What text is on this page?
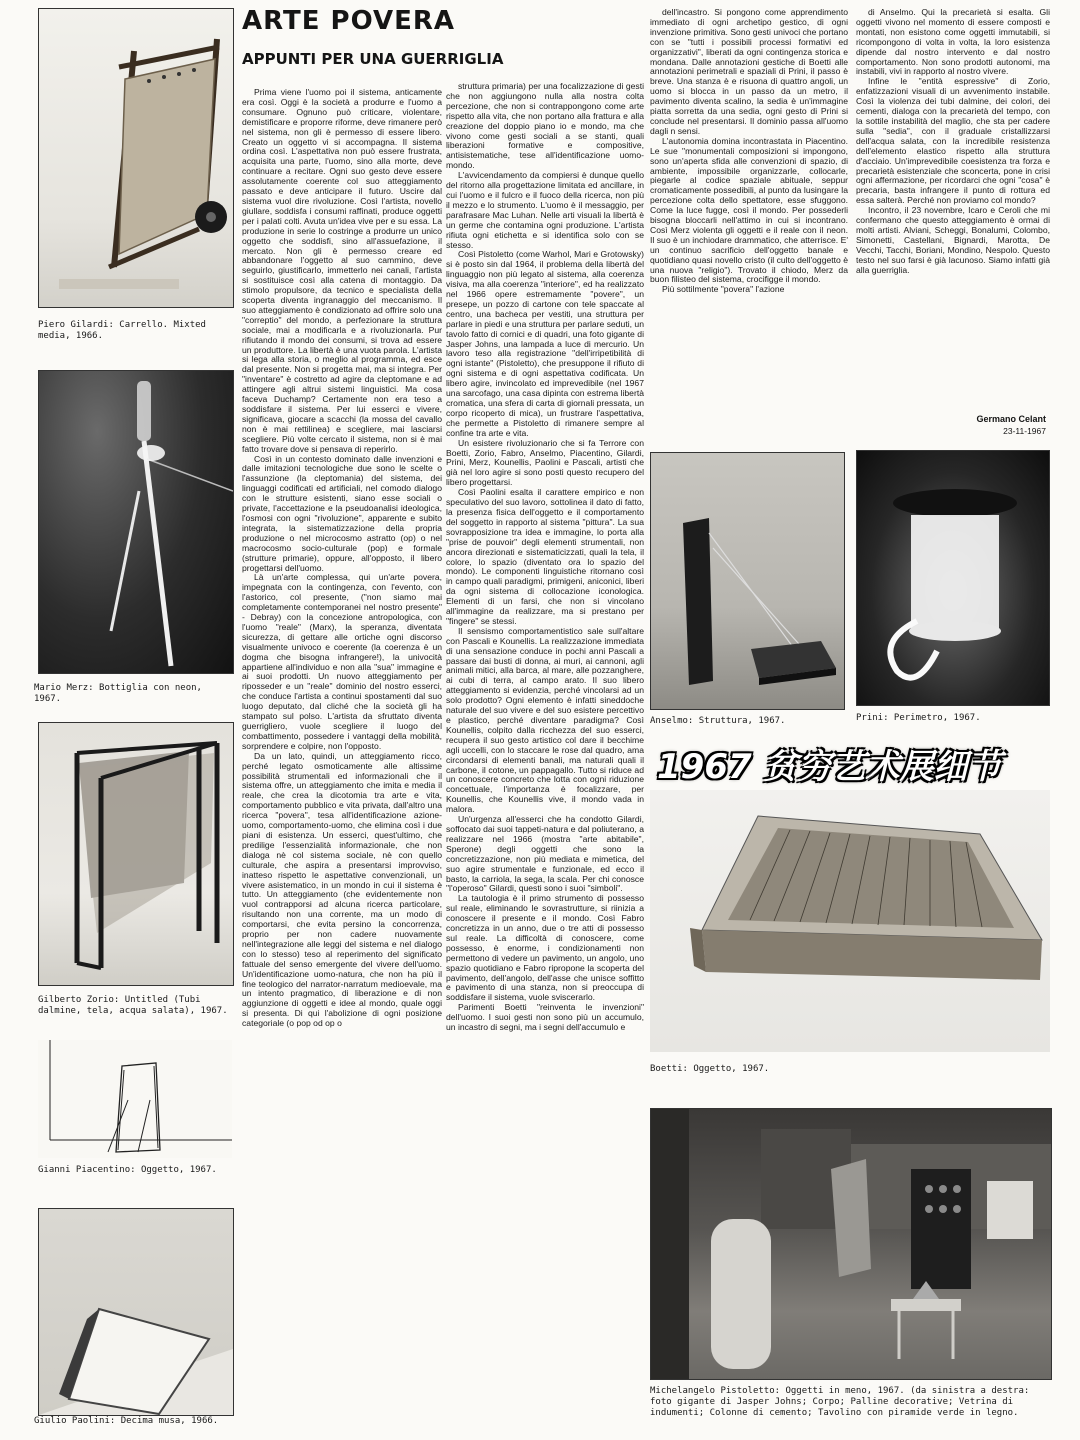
Piero Gilardi: Carrello. Mixted media, 1966.
Mario Merz: Bottiglia con neon, 1967.
Gilberto Zorio: Untitled (Tubi dalmine, tela, acqua salata), 1967.
Gianni Piacentino: Oggetto, 1967.
Giulio Paolini: Decima musa, 1966.
ARTE POVERA
APPUNTI PER UNA GUERRIGLIA

Prima viene l'uomo poi il sistema, anticamente era così. Oggi è la società a produrre e l'uomo a consumare. Ognuno può criticare, violentare, demistificare e proporre riforme, deve rimanere però nel sistema, non gli è permesso di essere libero. Creato un oggetto vi si accompagna. Il sistema ordina così. L'aspettativa non può essere frustrata, acquisita una parte, l'uomo, sino alla morte, deve continuare a recitare. Ogni suo gesto deve essere assolutamente coerente col suo atteggiamento passato e deve anticipare il futuro. Uscire dal sistema vuol dire rivoluzione. Così l'artista, novello giullare, soddisfa i consumi raffinati, produce oggetti per i palati colti. Avuta un'idea vive per e su essa. La produzione in serie lo costringe a produrre un unico oggetto che soddisfi, sino all'assuefazione, il mercato. Non gli è permesso creare ed abbandonare l'oggetto al suo cammino, deve seguirlo, giustificarlo, immetterlo nei canali, l'artista si sostituisce così alla catena di montaggio. Da stimolo propulsore, da tecnico e specialista della scoperta diventa ingranaggio del meccanismo. Il suo atteggiamento è condizionato ad offrire solo una "correptio" del mondo, a perfezionare la struttura sociale, mai a modificarla e a rivoluzionarla. Pur rifiutando il mondo dei consumi, si trova ad essere un produttore. La libertà è una vuota parola. L'artista si lega alla storia, o meglio al programma, ed esce dal presente. Non si progetta mai, ma si integra. Per "inventare" è costretto ad agire da cleptomane e ad attingere agli altrui sistemi linguistici. Ma cosa faceva Duchamp? Certamente non era teso a soddisfare il sistema. Per lui esserci e vivere, significava, giocare a scacchi (la mossa del cavallo non è mai rettilinea) e scegliere, mai lasciarsi scegliere. Più volte cercato il sistema, non si è mai fatto trovare dove si pensava di reperirlo.

Così in un contesto dominato dalle invenzioni e dalle imitazioni tecnologiche due sono le scelte o l'assunzione (la cleptomania) del sistema, dei linguaggi codificati ed artificiali, nel comodo dialogo con le strutture esistenti, siano esse sociali o private, l'accettazione e la pseudoanalisi ideologica, l'osmosi con ogni "rivoluzione", apparente e subito integrata, la sistematizzazione della propria produzione o nel microcosmo astratto (op) o nel macrocosmo socio-culturale (pop) e formale (strutture primarie), oppure, all'opposto, il libero progettarsi dell'uomo.

Là un'arte complessa, qui un'arte povera, impegnata con la contingenza, con l'evento, con l'astorico, col presente, ("non siamo mai completamente contemporanei nel nostro presente" - Debray) con la concezione antropologica, con l'uomo "reale" (Marx), la speranza, diventata sicurezza, di gettare alle ortiche ogni discorso visualmente univoco e coerente (la coerenza è un dogma che bisogna infrangere!), la univocità appartiene all'individuo e non alla "sua" immagine e ai suoi prodotti. Un nuovo atteggiamento per riposseder e un "reale" dominio del nostro esserci, che conduce l'artista a continui spostamenti dal suo luogo deputato, dal cliché che la società gli ha stampato sul polso. L'artista da sfruttato diventa guerrigliero, vuole scegliere il luogo del combattimento, possedere i vantaggi della mobilità, sorprendere e colpire, non l'opposto.

Da un lato, quindi, un atteggiamento ricco, perché legato osmoticamente alle altissime possibilità strumentali ed informazionali che il sistema offre, un atteggiamento che imita e media il reale, che crea la dicotomia tra arte e vita, comportamento pubblico e vita privata, dall'altro una ricerca "povera", tesa all'identificazione azione-uomo, comportamento-uomo, che elimina così i due piani di esistenza. Un esserci, quest'ultimo, che predilige l'essenzialità informazionale, che non dialoga nè col sistema sociale, nè con quello culturale, che aspira a presentarsi improvviso, inatteso rispetto le aspettative convenzionali, un vivere asistematico, in un mondo in cui il sistema è tutto. Un atteggiamento (che evidentemente non vuol contrapporsi ad alcuna ricerca particolare, risultando non una corrente, ma un modo di comportarsi, che evita persino la concorrenza, proprio per non cadere nuovamente nell'integrazione alle leggi del sistema e nel dialogo con lo stesso) teso al reperimento del significato fattuale del senso emergente del vivere dell'uomo. Un'identificazione uomo-natura, che non ha più il fine teologico del narrator-narratum medioevale, ma un intento pragmatico, di liberazione e di non aggiunzione di oggetti e idee al mondo, quale oggi si presenta. Di qui l'abolizione di ogni posizione categoriale (o pop od op o

struttura primaria) per una focalizzazione di gesti che non aggiungono nulla alla nostra colta percezione, che non si contrappongono come arte rispetto alla vita, che non portano alla frattura e alla creazione del doppio piano io e mondo, ma che vivono come gesti sociali a se stanti, quali liberazioni formative e compositive, antisistematiche, tese all'identificazione uomo-mondo.

L'avvicendamento da compiersi è dunque quello del ritorno alla progettazione limitata ed ancillare, in cui l'uomo e il fulcro e il fuoco della ricerca, non più il mezzo e lo strumento. L'uomo è il messaggio, per parafrasare Mac Luhan. Nelle arti visuali la libertà è un germe che contamina ogni produzione. L'artista rifiuta ogni etichetta e si identifica solo con se stesso.

Così Pistoletto (come Warhol, Mari e Grotowsky) si è posto sin dal 1964, il problema della libertà del linguaggio non più legato al sistema, alla coerenza visiva, ma alla coerenza "interiore", ed ha realizzato nel 1966 opere estremamente "povere", un presepe, un pozzo di cartone con tele spaccate al centro, una bacheca per vestiti, una struttura per parlare in piedi e una struttura per parlare seduti, un tavolo fatto di cornici e di quadri, una foto gigante di Jasper Johns, una lampada a luce di mercurio. Un lavoro teso alla registrazione "dell'irripetibilità di ogni istante" (Pistoletto), che presuppone il rifiuto di ogni sistema e di ogni aspettativa codificata. Un libero agire, invincolato ed imprevedibile (nel 1967 una sarcofago, una casa dipinta con estrema libertà cromatica, una sfera di carta di giornali pressata, un corpo ricoperto di mica), un frustrare l'aspettativa, che permette a Pistoletto di rimanere sempre al confine tra arte e vita.

Un esistere rivoluzionario che si fa Terrore con Boetti, Zorio, Fabro, Anselmo, Piacentino, Gilardi, Prini, Merz, Kounellis, Paolini e Pascali, artisti che già nel loro agire si sono posti questo recupero del libero progettarsi.

Così Paolini esalta il carattere empirico e non speculativo del suo lavoro, sottolinea il dato di fatto, la presenza fisica dell'oggetto e il comportamento del soggetto in rapporto al sistema "pittura". La sua sovrapposizione tra idea e immagine, lo porta alla "prise de pouvoir" degli elementi strumentali, non ancora direzionati e sistematicizzati, quali la tela, il colore, lo spazio (diventato ora lo spazio del mondo). Le componenti linguistiche ritornano così in campo quali paradigmi, primigeni, aniconici, liberi da ogni sistema di collocazione iconologica. Elementi di un farsi, che non si vincolano all'immagine da realizzare, ma si prestano per "fingere" se stessi.

Il sensismo comportamentistico sale sull'altare con Pascali e Kounellis. La realizzazione immediata di una sensazione conduce in pochi anni Pascali a passare dai busti di donna, ai muri, ai cannoni, agli animali mitici, alla barca, al mare, alle pozzanghere, ai cubi di terra, al campo arato. Il suo libero atteggiamento si evidenzia, perché vincolarsi ad un solo prodotto? Ogni elemento è infatti sineddoche naturale del suo vivere e del suo esistere percettivo e plastico, perché diventare paradigma? Così Kounellis, colpito dalla ricchezza del suo esserci, recupera il suo gesto artistico col dare il becchime agli uccelli, con lo staccare le rose dal quadro, ama circondarsi di elementi banali, ma naturali quali il carbone, il cotone, un pappagallo. Tutto si riduce ad un conoscere concreto che lotta con ogni riduzione concettuale, l'importanza è focalizzare, per Kounellis, che Kounellis vive, il mondo vada in malora.

Un'urgenza all'esserci che ha condotto Gilardi, soffocato dai suoi tappeti-natura e dal poliuterano, a realizzare nel 1966 (mostra "arte abitabile", Sperone) degli oggetti che sono la concretizzazione, non più mediata e mimetica, del suo agire strumentale e funzionale, ed ecco il basto, la carriola, la sega, la scala. Per chi conosce "l'operoso" Gilardi, questi sono i suoi "simboli".

La tautologia è il primo strumento di possesso sul reale, eliminando le sovrastrutture, si riinizia a conoscere il presente e il mondo. Così Fabro concretizza in un anno, due o tre atti di possesso sul reale. La difficoltà di conoscere, come possesso, è enorme, i condizionamenti non permettono di vedere un pavimento, un angolo, uno spazio quotidiano e Fabro ripropone la scoperta del pavimento, dell'angolo, dell'asse che unisce soffitto e pavimento di una stanza, non si preoccupa di soddisfare il sistema, vuole sviscerarlo.

Parimenti Boetti "reinventa le invenzioni" dell'uomo. I suoi gesti non sono più un accumulo, un incastro di segni, ma i segni dell'accumulo e

dell'incastro. Si pongono come apprendimento immediato di ogni archetipo gestico, di ogni invenzione primitiva. Sono gesti univoci che portano con se "tutti i possibili processi formativi ed organizzativi", liberati da ogni contingenza storica e mondana. Dalle annotazioni gestiche di Boetti alle annotazioni perimetrali e spaziali di Prini, il passo è breve. Una stanza è e risuona di quattro angoli, un uomo si blocca in un passo da un metro, il pavimento diventa scalino, la sedia è un'immagine piatta sorretta da una sedia, ogni gesto di Prini si conclude nel presentarsi. Il dominio passa all'uomo dagli n sensi.

L'autonomia domina incontrastata in Piacentino. Le sue "monumentali composizioni si impongono, sono un'aperta sfida alle convenzioni di spazio, di ambiente, impossibile organizzarle, collocarle, piegarle al codice spaziale abituale, seppur cromaticamente possedibili, al punto da lusingare la percezione colta dello spettatore, esse sfuggono. Come la luce fugge, così il mondo. Per possederli bisogna bloccarli nell'attimo in cui si incontrano. Così Merz violenta gli oggetti e il reale con il neon. Il suo è un inchiodare drammatico, che atterrisce. E' un continuo sacrificio dell'oggetto banale e quotidiano quasi novello cristo (il culto dell'oggetto è una nuova "religio"). Trovato il chiodo, Merz da buon filisteo del sistema, crocifigge il mondo.

Più sottilmente "povera" l'azione

di Anselmo. Qui la precarietà si esalta. Gli oggetti vivono nel momento di essere composti e montati, non esistono come oggetti immutabili, si ricompongono di volta in volta, la loro esistenza dipende dal nostro intervento e dal nostro comportamento. Non sono prodotti autonomi, ma instabili, vivi in rapporto al nostro vivere.

Infine le "entità espressive" di Zorio, enfatizzazioni visuali di un avvenimento instabile. Così la violenza dei tubi dalmine, dei colori, dei cementi, dialoga con la precarietà del tempo, con la sottile instabilità del maglio, che sta per cadere sulla "sedia", con il graduale cristallizzarsi dell'acqua salata, con la incredibile resistenza dell'elemento elastico rispetto alla struttura d'acciaio. Un'imprevedibile coesistenza tra forza e precarietà esistenziale che sconcerta, pone in crisi ogni affermazione, per ricordarci che ogni "cosa" è precaria, basta infrangere il punto di rottura ed essa salterà. Perché non proviamo col mondo?

Incontro, il 23 novembre, Icaro e Ceroli che mi confermano che questo atteggiamento è ormai di molti artisti. Alviani, Scheggi, Bonalumi, Colombo, Simonetti, Castellani, Bignardi, Marotta, De Vecchi, Tacchi, Boriani, Mondino, Nespolo. Questo testo nel suo farsi è già lacunoso. Siamo infatti già alla guerriglia.

Germano Celant
23-11-1967
Anselmo: Struttura, 1967.	Prini: Perimetro, 1967.
1967 贫穷艺术展细节
Boetti: Oggetto, 1967.
Michelangelo Pistoletto: Oggetti in meno, 1967. (da sinistra a destra: foto gigante di Jasper Johns; Corpo; Palline decorative; Vetrina di indumenti; Colonne di cemento; Tavolino con piramide verde in legno.
